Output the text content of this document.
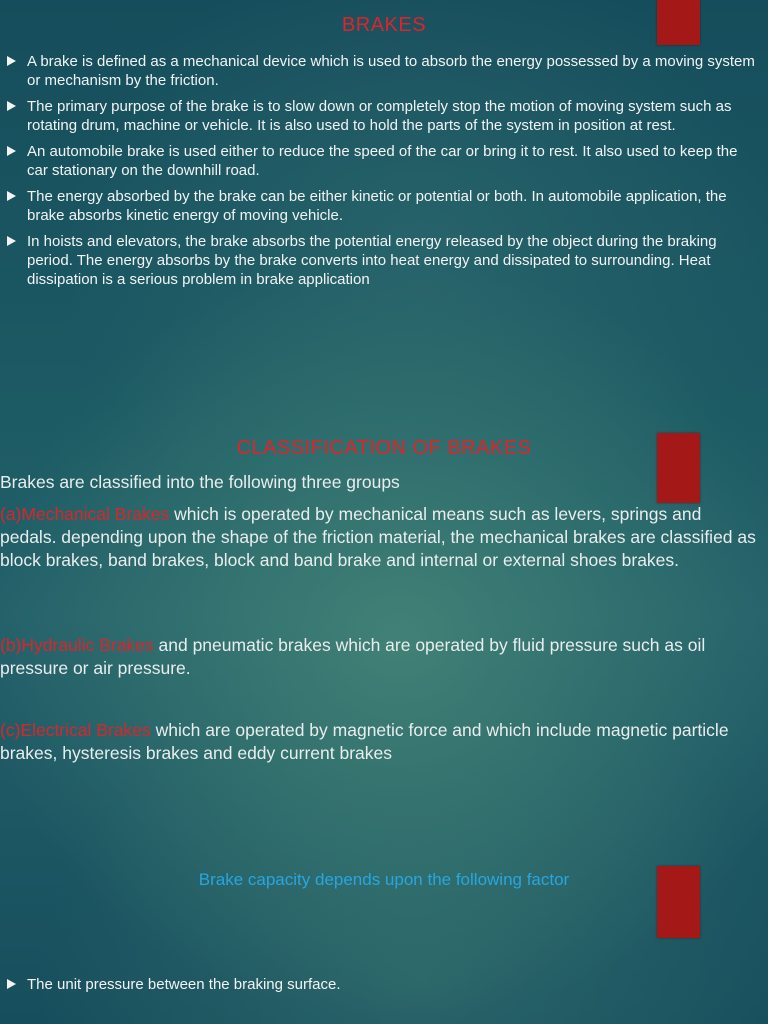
BRAKES
A brake is defined as a mechanical device which is used to absorb the energy possessed by a moving system or mechanism by the friction.
The primary purpose of the brake is to slow down or completely stop the motion of moving system such as rotating drum, machine or vehicle. It is also used to hold the parts of the system in position at rest.
An automobile brake is used either to reduce the speed of the car or bring it to rest. It also used to keep the car stationary on the downhill road.
The energy absorbed by the brake can be either kinetic or potential or both. In automobile application, the brake absorbs kinetic energy of moving vehicle.
In hoists and elevators, the brake absorbs the potential energy released by the object during the braking period. The energy absorbs by the brake converts into heat energy and dissipated to surrounding. Heat dissipation is a serious problem in brake application
CLASSIFICATION OF BRAKES
Brakes are classified into the following three groups
(a)Mechanical Brakes which is operated by mechanical means such as levers, springs and pedals. depending upon the shape of the friction material, the mechanical brakes are classified as block brakes, band brakes, block and band brake and internal or external shoes brakes.
(b)Hydraulic Brakes and pneumatic brakes which are operated by fluid pressure such as oil pressure or air pressure.
(c)Electrical Brakes which are operated by magnetic force and which include magnetic particle brakes, hysteresis brakes and eddy current brakes
Brake capacity depends upon the following factor
The unit pressure between the braking surface.
